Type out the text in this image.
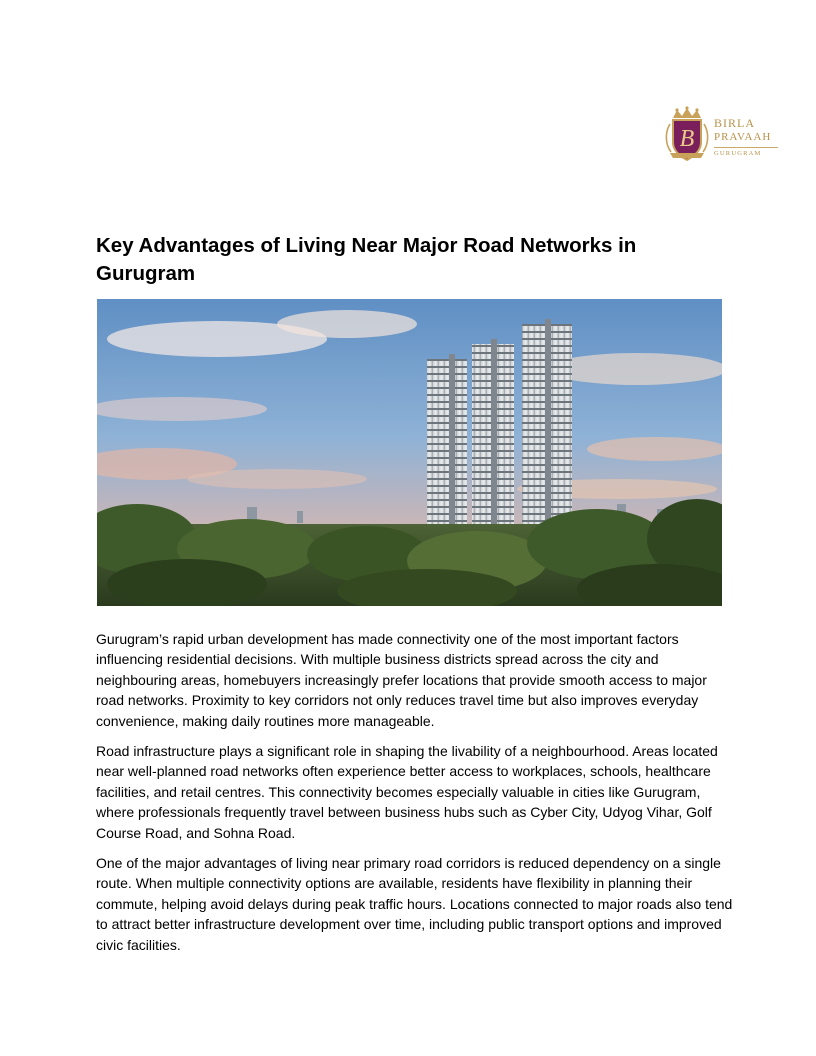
B
BIRLA
PRAVAAH
GURUGRAM
Key Advantages of Living Near Major Road Networks in Gurugram

Gurugram’s rapid urban development has made connectivity one of the most important factors influencing residential decisions. With multiple business districts spread across the city and neighbouring areas, homebuyers increasingly prefer locations that provide smooth access to major road networks. Proximity to key corridors not only reduces travel time but also improves everyday convenience, making daily routines more manageable.

Road infrastructure plays a significant role in shaping the livability of a neighbourhood. Areas located near well-planned road networks often experience better access to workplaces, schools, healthcare facilities, and retail centres. This connectivity becomes especially valuable in cities like Gurugram, where professionals frequently travel between business hubs such as Cyber City, Udyog Vihar, Golf Course Road, and Sohna Road.

One of the major advantages of living near primary road corridors is reduced dependency on a single route. When multiple connectivity options are available, residents have flexibility in planning their commute, helping avoid delays during peak traffic hours. Locations connected to major roads also tend to attract better infrastructure development over time, including public transport options and improved civic facilities.
